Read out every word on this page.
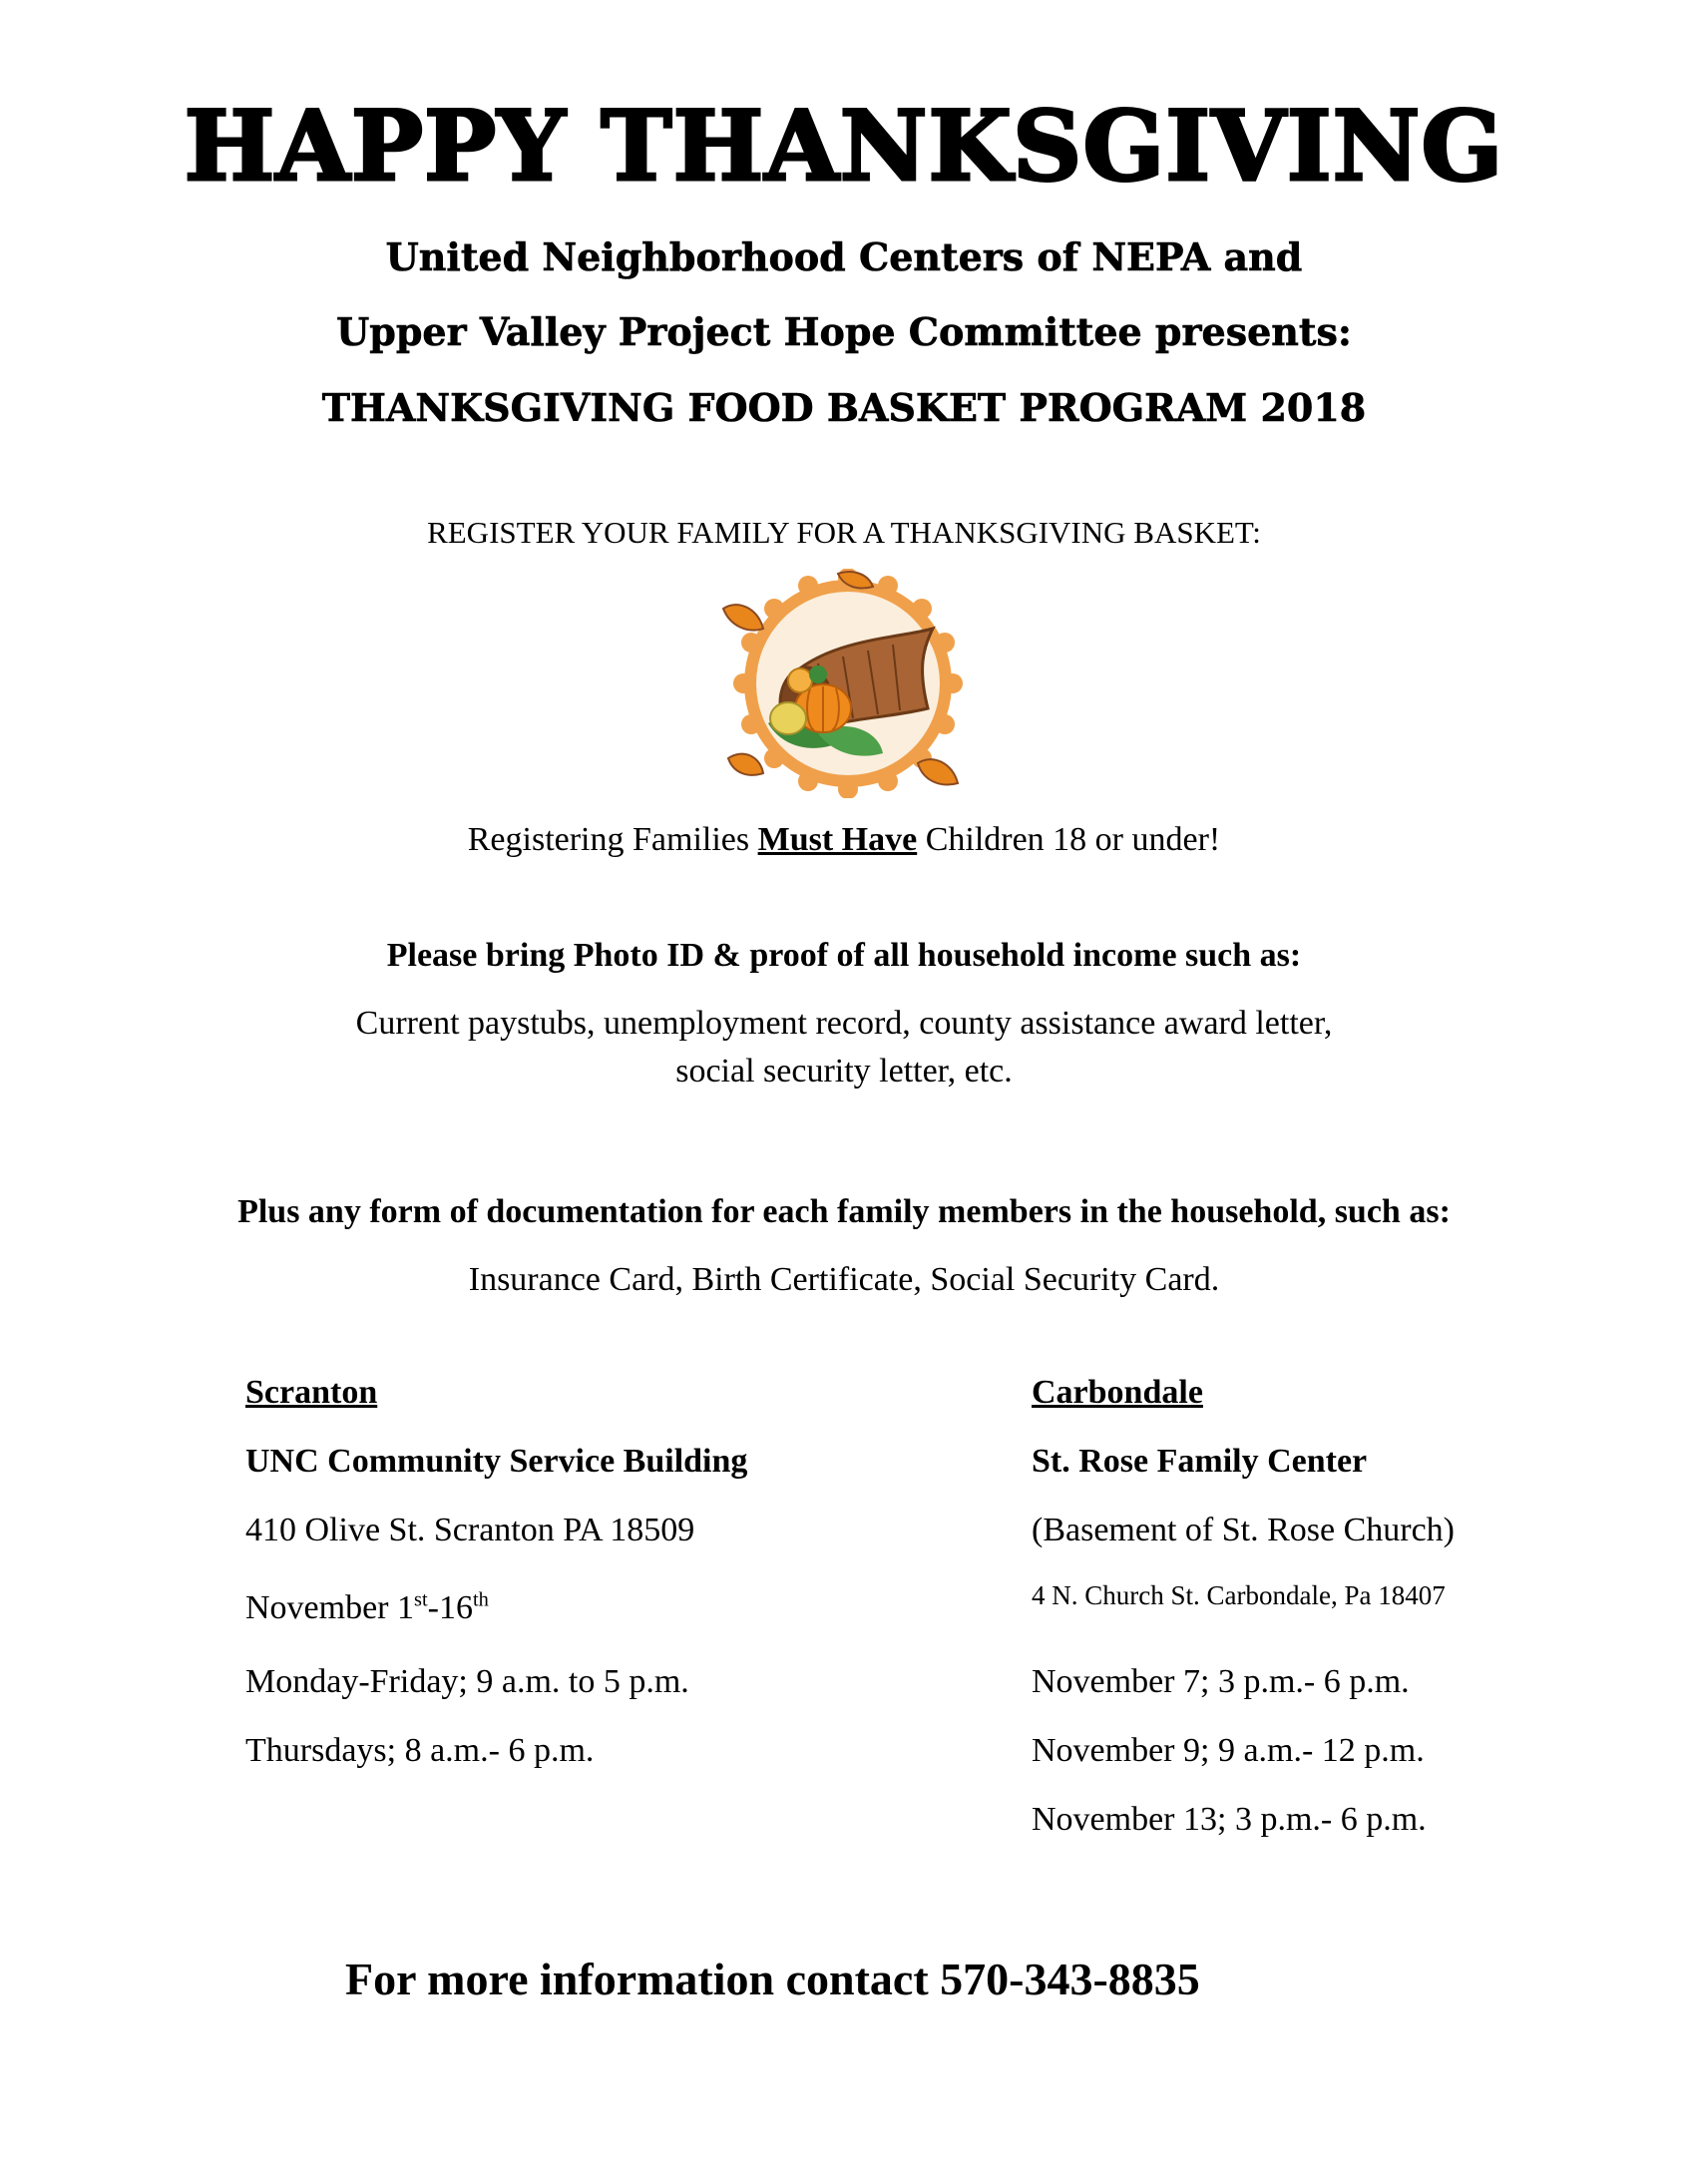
HAPPY THANKSGIVING
United Neighborhood Centers of NEPA and
Upper Valley Project Hope Committee presents:
THANKSGIVING FOOD BASKET PROGRAM 2018
REGISTER YOUR FAMILY FOR A THANKSGIVING BASKET:
Registering Families Must Have Children 18 or under!
Please bring Photo ID & proof of all household income such as:
Current paystubs, unemployment record, county assistance award letter,
social security letter, etc.
Plus any form of documentation for each family members in the household, such as:
Insurance Card, Birth Certificate, Social Security Card.
Scranton
UNC Community Service Building
410 Olive St. Scranton PA 18509
November 1st-16th
Monday-Friday; 9 a.m. to 5 p.m.
Thursdays; 8 a.m.- 6 p.m.
Carbondale
St. Rose Family Center
(Basement of St. Rose Church)
4 N. Church St. Carbondale, Pa 18407
November 7; 3 p.m.- 6 p.m.
November 9; 9 a.m.- 12 p.m.
November 13; 3 p.m.- 6 p.m.
For more information contact 570-343-8835
